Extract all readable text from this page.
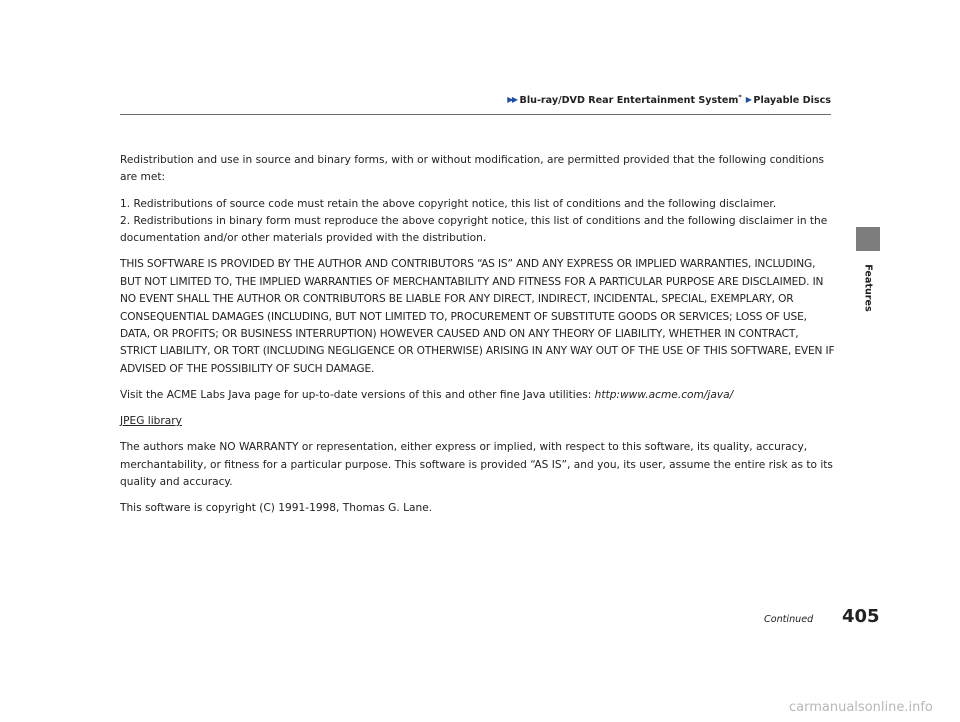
▶▶ Blu-ray/DVD Rear Entertainment System* ▶ Playable Discs
Features

Redistribution and use in source and binary forms, with or without modification, are permitted provided that the following conditions are met:

1. Redistributions of source code must retain the above copyright notice, this list of conditions and the following disclaimer.
2. Redistributions in binary form must reproduce the above copyright notice, this list of conditions and the following disclaimer in the documentation and/or other materials provided with the distribution.

THIS SOFTWARE IS PROVIDED BY THE AUTHOR AND CONTRIBUTORS “AS IS” AND ANY EXPRESS OR IMPLIED WARRANTIES, INCLUDING, BUT NOT LIMITED TO, THE IMPLIED WARRANTIES OF MERCHANTABILITY AND FITNESS FOR A PARTICULAR PURPOSE ARE DISCLAIMED. IN NO EVENT SHALL THE AUTHOR OR CONTRIBUTORS BE LIABLE FOR ANY DIRECT, INDIRECT, INCIDENTAL, SPECIAL, EXEMPLARY, OR CONSEQUENTIAL DAMAGES (INCLUDING, BUT NOT LIMITED TO, PROCUREMENT OF SUBSTITUTE GOODS OR SERVICES; LOSS OF USE, DATA, OR PROFITS; OR BUSINESS INTERRUPTION) HOWEVER CAUSED AND ON ANY THEORY OF LIABILITY, WHETHER IN CONTRACT, STRICT LIABILITY, OR TORT (INCLUDING NEGLIGENCE OR OTHERWISE) ARISING IN ANY WAY OUT OF THE USE OF THIS SOFTWARE, EVEN IF ADVISED OF THE POSSIBILITY OF SUCH DAMAGE.

Visit the ACME Labs Java page for up-to-date versions of this and other fine Java utilities: http:www.acme.com/java/

JPEG library

The authors make NO WARRANTY or representation, either express or implied, with respect to this software, its quality, accuracy, merchantability, or fitness for a particular purpose. This software is provided “AS IS”, and you, its user, assume the entire risk as to its quality and accuracy.

This software is copyright (C) 1991-1998, Thomas G. Lane.

Continued 405
carmanualsonline.info
